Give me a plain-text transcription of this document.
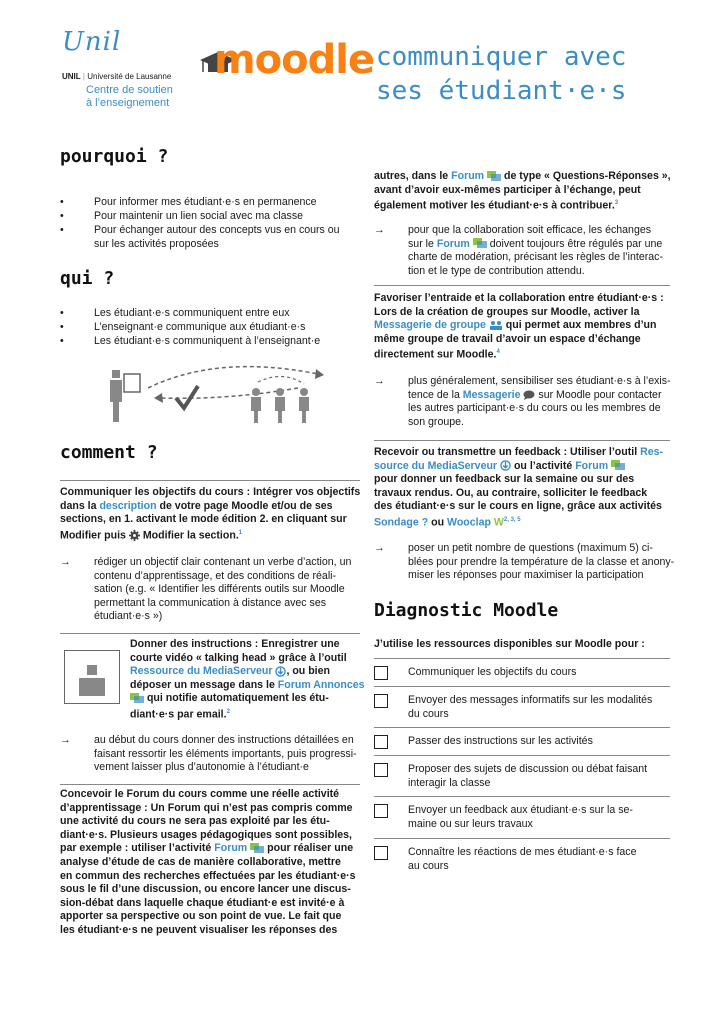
Unil
UNIL | Université de Lausanne
Centre de soutien
à l’enseignement
moodle communiquer avec
ses étudiant·e·s
pourquoi ?
•	Pour informer mes étudiant·e·s en permanence
•	Pour maintenir un lien social avec ma classe
•	Pour échanger autour des concepts vus en cours ou
sur les activités proposées
qui ?
•	Les étudiant·e·s communiquent entre eux
•	L’enseignant·e communique aux étudiant·e·s
•	Les étudiant·e·s communiquent à l’enseignant·e
comment ?
Communiquer les objectifs du cours : Intégrer vos objectifs
dans la description de votre page Moodle et/ou de ses
sections, en 1. activant le mode édition 2. en cliquant sur
Modifier puis  Modifier la section.$^1$
→ rédiger un objectif clair contenant un verbe d’action, un
contenu d’apprentissage, et des conditions de réali-
sation (e.g. « Identifier les différents outils sur Moodle
permettant la communication à distance avec ses
étudiant·e·s »)
Donner des instructions : Enregistrer une
courte vidéo « talking head » grâce à l’outil
Ressource du MediaServeur , ou bien
déposer un message dans le Forum Annonces
qui notifie automatiquement les étu-
diant·e·s par email.$^2$
→ au début du cours donner des instructions détaillées en
faisant ressortir les éléments importants, puis progressi-
vement laisser plus d’autonomie à l’étudiant·e
Concevoir le Forum du cours comme une réelle activité
d’apprentissage : Un Forum qui n’est pas compris comme
une activité du cours ne sera pas exploité par les étu-
diant·e·s. Plusieurs usages pédagogiques sont possibles,
par exemple : utiliser l’activité Forum  pour réaliser une
analyse d’étude de cas de manière collaborative, mettre
en commun des recherches effectuées par les étudiant·e·s
sous le fil d’une discussion, ou encore lancer une discus-
sion-débat dans laquelle chaque étudiant·e est invité·e à
apporter sa perspective ou son point de vue. Le fait que
les étudiant·e·s ne peuvent visualiser les réponses des
autres, dans le Forum  de type « Questions-Réponses »,
avant d’avoir eux-mêmes participer à l’échange, peut
également motiver les étudiant·e·s à contribuer.$^3$
→ pour que la collaboration soit efficace, les échanges
sur le Forum  doivent toujours être régulés par une
charte de modération, précisant les règles de l’interac-
tion et le type de contribution attendu.
Favoriser l’entraide et la collaboration entre étudiant·e·s :
Lors de la création de groupes sur Moodle, activer la
Messagerie de groupe  qui permet aux membres d’un
même groupe de travail d’avoir un espace d’échange
directement sur Moodle.$^4$
→ plus généralement, sensibiliser ses étudiant·e·s à l’exis-
tence de la Messagerie  sur Moodle pour contacter
les autres participant·e·s du cours ou les membres de
son groupe.
Recevoir ou transmettre un feedback : Utiliser l’outil Res-
source du MediaServeur  ou l’activité Forum
pour donner un feedback sur la semaine ou sur des
travaux rendus. Ou, au contraire, solliciter le feedback
des étudiant·e·s sur le cours en ligne, grâce aux activités
Sondage ? ou Wooclap W$^{2, 3, 5}$
→ poser un petit nombre de questions (maximum 5) ci-
blées pour prendre la température de la classe et anony-
miser les réponses pour maximiser la participation
Diagnostic Moodle
J’utilise les ressources disponibles sur Moodle pour :
Communiquer les objectifs du cours
Envoyer des messages informatifs sur les modalités
du cours
Passer des instructions sur les activités
Proposer des sujets de discussion ou débat faisant
interagir la classe
Envoyer un feedback aux étudiant·e·s sur la se-
maine ou sur leurs travaux
Connaître les réactions de mes étudiant·e·s face
au cours
